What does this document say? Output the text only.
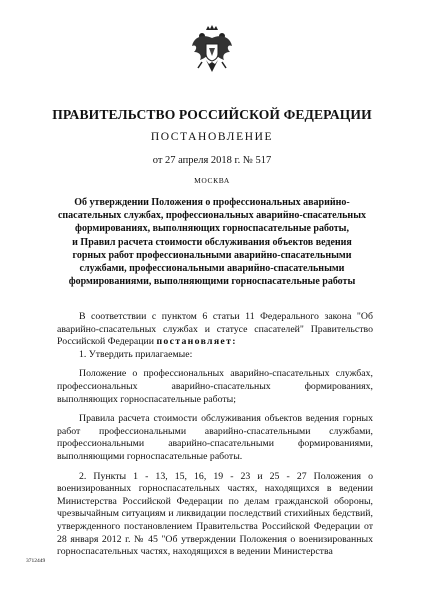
ПРАВИТЕЛЬСТВО РОССИЙСКОЙ ФЕДЕРАЦИИ
ПОСТАНОВЛЕНИЕ
от 27 апреля 2018 г. № 517
МОСКВА
Об утверждении Положения о профессиональных аварийно-
спасательных службах, профессиональных аварийно-спасательных
формированиях, выполняющих горноспасательные работы,
и Правил расчета стоимости обслуживания объектов ведения
горных работ профессиональными аварийно-спасательными
службами, профессиональными аварийно-спасательными
формированиями, выполняющими горноспасательные работы

В соответствии с пунктом 6 статьи 11 Федерального закона "Об аварийно-спасательных службах и статусе спасателей" Правительство Российской Федерации постановляет:

1. Утвердить прилагаемые:

Положение о профессиональных аварийно-спасательных службах, профессиональных аварийно-спасательных формированиях, выполняющих горноспасательные работы;

Правила расчета стоимости обслуживания объектов ведения горных работ профессиональными аварийно-спасательными службами, профессиональными аварийно-спасательными формированиями, выполняющими горноспасательные работы.

2. Пункты 1 - 13, 15, 16, 19 - 23 и 25 - 27 Положения о военизированных горноспасательных частях, находящихся в ведении Министерства Российской Федерации по делам гражданской обороны, чрезвычайным ситуациям и ликвидации последствий стихийных бедствий, утвержденного постановлением Правительства Российской Федерации от 28 января 2012 г. № 45 "Об утверждении Положения о военизированных горноспасательных частях, находящихся в ведении Министерства

3712449
